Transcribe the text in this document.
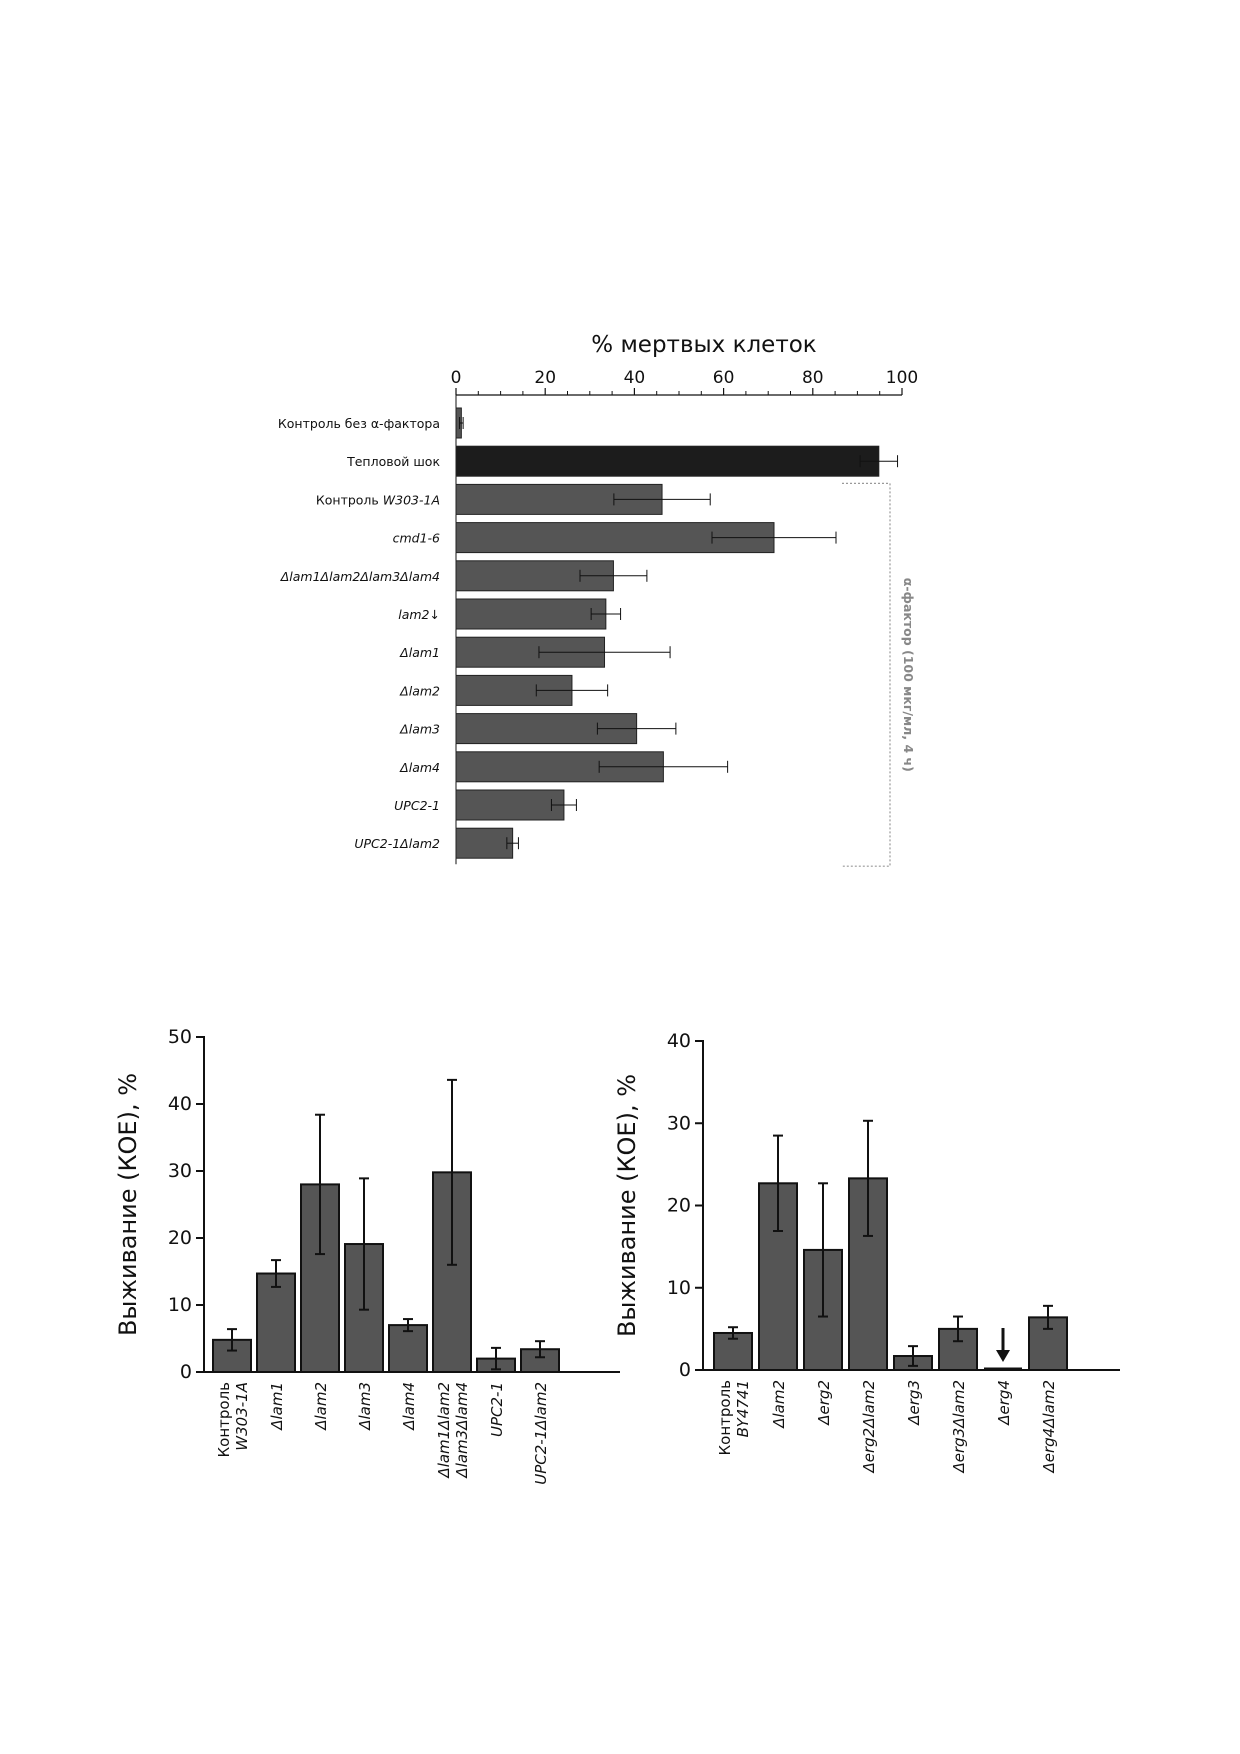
% мертвых клеток
0	20	40	60	80	100
Контроль без α-фактора
Тепловой шок
Контроль W303-1A
cmd1-6
Δlam1Δlam2Δlam3Δlam4
lam2↓
Δlam1
Δlam2
Δlam3
Δlam4
UPC2-1
UPC2-1Δlam2
α-фактор (100 мкг/мл, 4 ч)
0
10
20
30
40
50
Выживание (КОЕ), %
Контроль W303-1A Δlam1 Δlam2 Δlam3 Δlam4 Δlam1Δlam2 Δlam3Δlam4 UPC2-1 UPC2-1Δlam2
0
10
20
30
40
Выживание (КОЕ), %
Контроль BY4741 Δlam2 Δerg2 Δerg2Δlam2 Δerg3 Δerg3Δlam2 Δerg4 Δerg4Δlam2
